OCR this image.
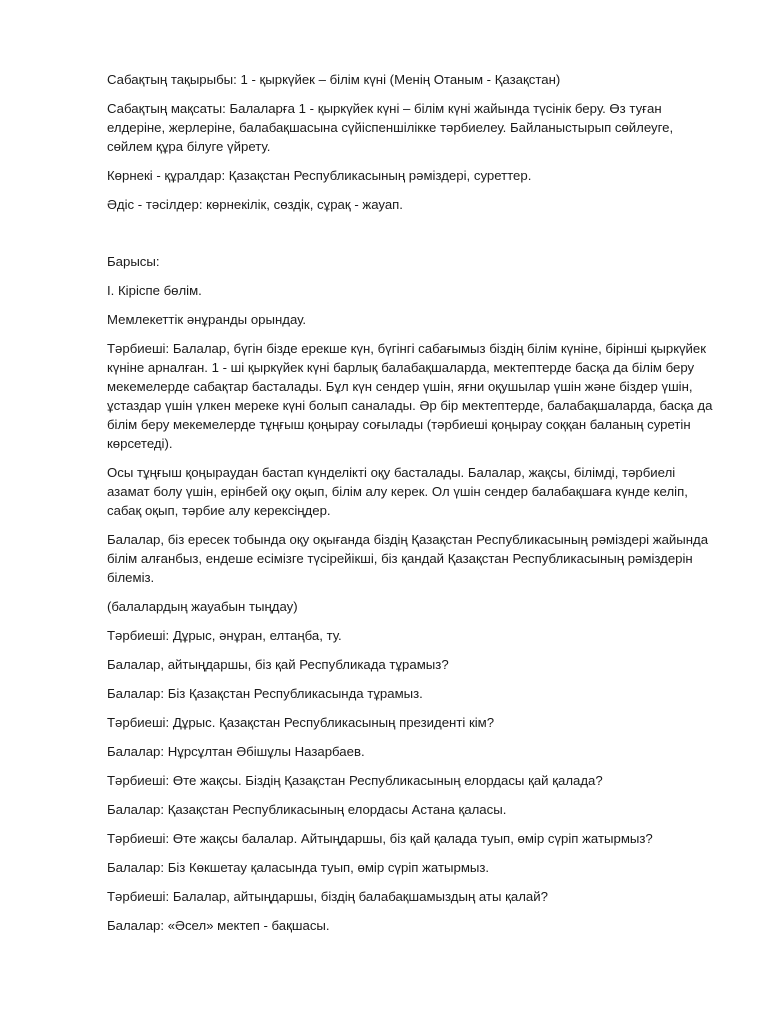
Сабақтың тақырыбы: 1 - қыркүйек – білім күні (Менің Отаным - Қазақстан)

Сабақтың мақсаты: Балаларға 1 - қыркүйек күні – білім күні жайында түсінік беру. Өз туған елдеріне, жерлеріне, балабақшасына сүйіспеншілікке тәрбиелеу. Байланыстырып сөйлеуге, сөйлем құра білуге үйрету.

Көрнекі - құралдар: Қазақстан Республикасының рәміздері, суреттер.

Әдіс - тәсілдер: көрнекілік, сөздік, сұрақ - жауап.

Барысы:

І. Кіріспе бөлім.

Мемлекеттік әнұранды орындау.

Тәрбиеші: Балалар, бүгін бізде ерекше күн, бүгінгі сабағымыз біздің білім күніне, бірінші қыркүйек күніне арналған. 1 - ші қыркүйек күні барлық балабақшаларда, мектептерде басқа да білім беру мекемелерде сабақтар басталады. Бұл күн сендер үшін, яғни оқушылар үшін және біздер үшін, ұстаздар үшін үлкен мереке күні болып саналады. Әр бір мектептерде, балабақшаларда, басқа да білім беру мекемелерде тұңғыш қоңырау соғылады (тәрбиеші қоңырау соққан баланың суретін көрсетеді).

Осы тұңғыш қоңыраудан бастап күнделікті оқу басталады. Балалар, жақсы, білімді, тәрбиелі азамат болу үшін, ерінбей оқу оқып, білім алу керек. Ол үшін сендер балабақшаға күнде келіп, сабақ оқып, тәрбие алу керексіңдер.

Балалар, біз ересек тобында оқу оқығанда біздің Қазақстан Республикасының рәміздері жайында білім алғанбыз, ендеше есімізге түсірейікші, біз қандай Қазақстан Республикасының рәміздерін білеміз.

(балалардың жауабын тыңдау)

Тәрбиеші: Дұрыс, әнұран, елтаңба, ту.

Балалар, айтыңдаршы, біз қай Республикада тұрамыз?

Балалар: Біз Қазақстан Республикасында тұрамыз.

Тәрбиеші: Дұрыс. Қазақстан Республикасының президенті кім?

Балалар: Нұрсұлтан Әбішұлы Назарбаев.

Тәрбиеші: Өте жақсы. Біздің Қазақстан Республикасының елордасы қай қалада?

Балалар: Қазақстан Республикасының елордасы Астана қаласы.

Тәрбиеші: Өте жақсы балалар. Айтыңдаршы, біз қай қалада туып, өмір сүріп жатырмыз?

Балалар: Біз Көкшетау қаласында туып, өмір сүріп жатырмыз.

Тәрбиеші: Балалар, айтыңдаршы, біздің балабақшамыздың аты қалай?

Балалар: «Әсел» мектеп - бақшасы.
